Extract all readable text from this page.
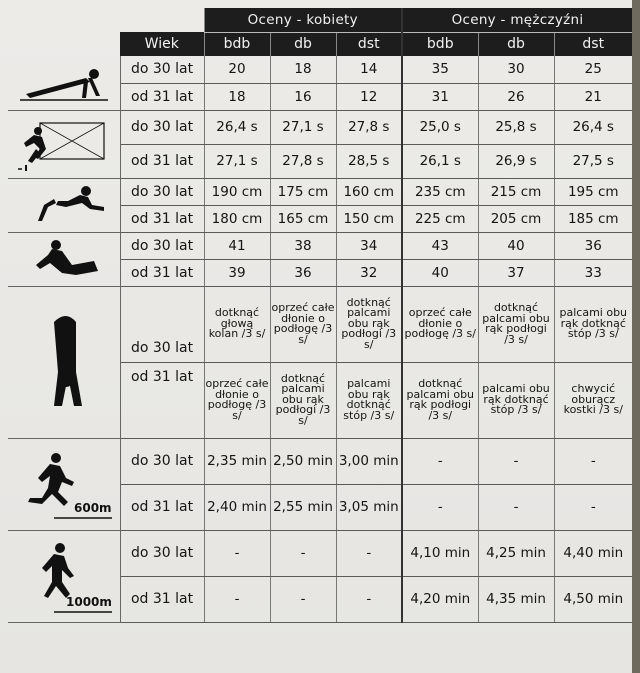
		Oceny - kobiety			Oceny - mężczyźni		
	Wiek	bdb	db	dst	bdb	db	dst

	do 30 lat	20	18	14	35	30	25
	od 31 lat	18	16	12	31	26	21

	do 30 lat	26,4 s	27,1 s	27,8 s	25,0 s	25,8 s	26,4 s
	od 31 lat	27,1 s	27,8 s	28,5 s	26,1 s	26,9 s	27,5 s

	do 30 lat	190 cm	175 cm	160 cm	235 cm	215 cm	195 cm
	od 31 lat	180 cm	165 cm	150 cm	225 cm	205 cm	185 cm

	do 30 lat	41	38	34	43	40	36
	od 31 lat	39	36	32	40	37	33

	do 30 lat	dotknąć głową kolan /3 s/	oprzeć całe dłonie o podłogę /3 s/	dotknąć palcami obu rąk podłogi /3 s/	oprzeć całe dłonie o podłogę /3 s/	dotknąć palcami obu rąk podłogi /3 s/	palcami obu rąk dotknąć stóp /3 s/

	od 31 lat	oprzeć całe dłonie o podłogę /3 s/	dotknąć palcami obu rąk podłogi /3 s/	palcami obu rąk dotknąć stóp /3 s/	dotknąć palcami obu rąk podłogi /3 s/	palcami obu rąk dotknąć stóp /3 s/	chwycić oburącz kostki /3 s/

600m	do 30 lat	2,35 min	2,50 min	3,00 min	-	-	-
	od 31 lat	2,40 min	2,55 min	3,05 min	-	-	-

1000m	do 30 lat	-	-	-	4,10 min	4,25 min	4,40 min
	od 31 lat	-	-	-	4,20 min	4,35 min	4,50 min
